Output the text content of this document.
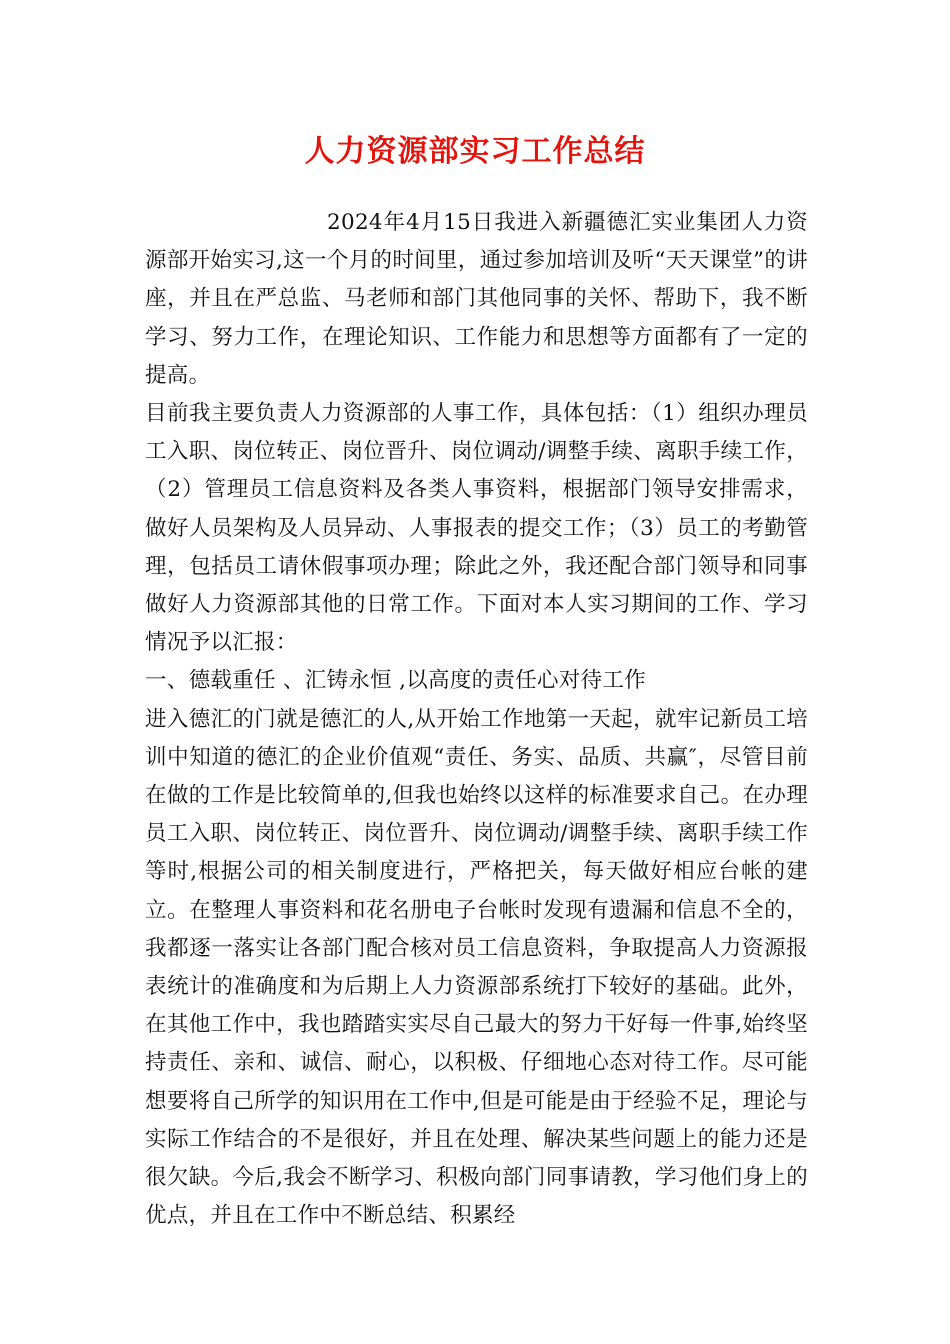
人力资源部实习工作总结

2024年4月15日我进入新疆德汇实业集团人力资源部开始实习,这一个月的时间里，通过参加培训及听“天天课堂”的讲座，并且在严总监、马老师和部门其他同事的关怀、帮助下，我不断学习、努力工作，在理论知识、工作能力和思想等方面都有了一定的提高。

目前我主要负责人力资源部的人事工作，具体包括：（1）组织办理员工入职、岗位转正、岗位晋升、岗位调动/调整手续、离职手续工作，（2）管理员工信息资料及各类人事资料，根据部门领导安排需求，做好人员架构及人员异动、人事报表的提交工作；（3）员工的考勤管理，包括员工请休假事项办理；除此之外，我还配合部门领导和同事做好人力资源部其他的日常工作。下面对本人实习期间的工作、学习情况予以汇报：

一、德载重任 、汇铸永恒 ,以高度的责任心对待工作

进入德汇的门就是德汇的人,从开始工作地第一天起，就牢记新员工培训中知道的德汇的企业价值观“责任、务实、品质、共赢″，尽管目前在做的工作是比较简单的,但我也始终以这样的标准要求自己。在办理员工入职、岗位转正、岗位晋升、岗位调动/调整手续、离职手续工作等时,根据公司的相关制度进行，严格把关，每天做好相应台帐的建立。在整理人事资料和花名册电子台帐时发现有遗漏和信息不全的，我都逐一落实让各部门配合核对员工信息资料，争取提高人力资源报表统计的准确度和为后期上人力资源部系统打下较好的基础。此外，在其他工作中，我也踏踏实实尽自己最大的努力干好每一件事,始终坚持责任、亲和、诚信、耐心，以积极、仔细地心态对待工作。尽可能想要将自己所学的知识用在工作中,但是可能是由于经验不足，理论与实际工作结合的不是很好，并且在处理、解决某些问题上的能力还是很欠缺。今后,我会不断学习、积极向部门同事请教，学习他们身上的优点，并且在工作中不断总结、积累经
